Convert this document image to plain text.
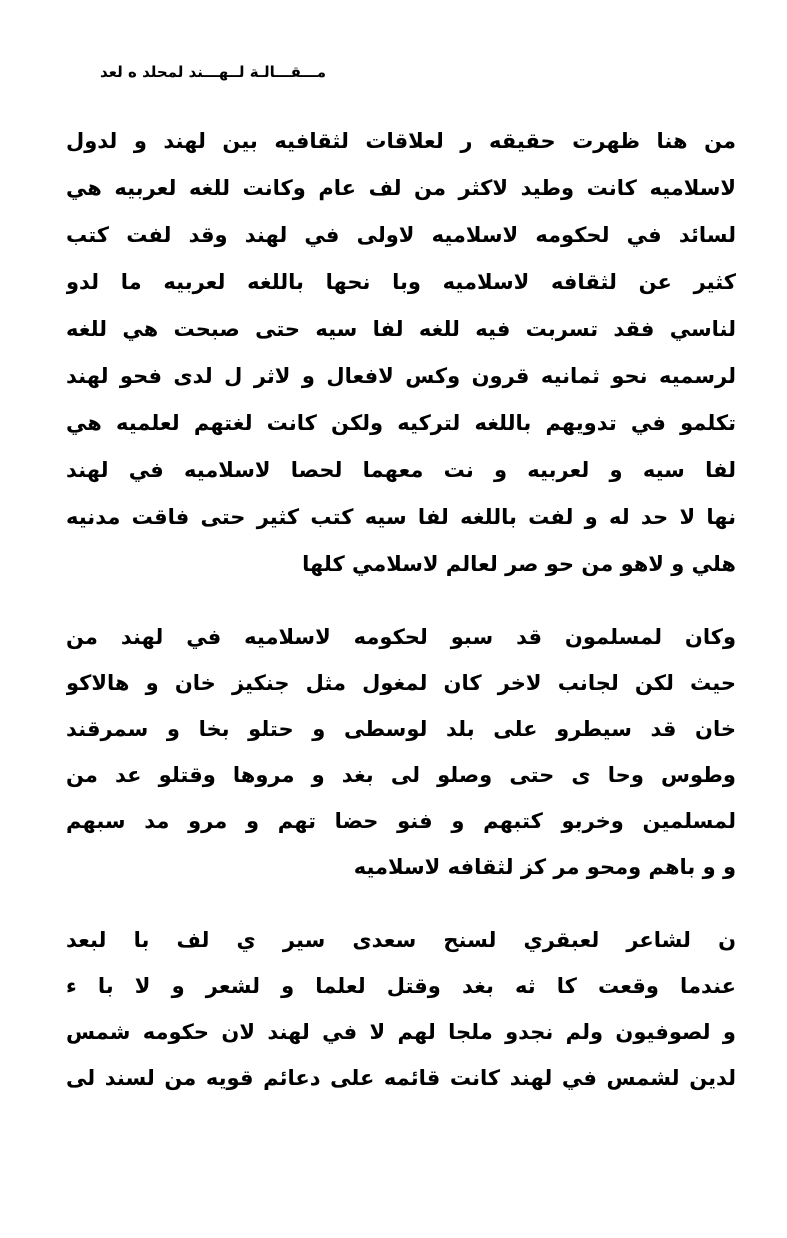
مـــقـــالـة لــهـــند لمحلد ه لعد
من هنا ظهرت حقيقه ر لعلاقات لثقافيه بين لهند و لدول
لاسلاميه كانت وطيد لاكثر من لف عام وكانت للغه لعربيه هي
لسائد في لحكومه لاسلاميه لاولى في لهند وقد لفت كتب
كثير عن لثقافه لاسلاميه وبا نحها باللغه لعربيه ما لدو
لناسي فقد تسربت فيه للغه لفا سيه حتى صبحت هي للغه
لرسميه نحو ثمانيه قرون وكس لافعال و لاثر ل لدى فحو لهند
تكلمو في تدويهم باللغه لتركيه ولكن كانت لغتهم لعلميه هي
لفا سيه و لعربيه و نت معهما لحصا لاسلاميه في لهند
نها لا حد له و لفت باللغه لفا سيه كتب كثير حتى فاقت مدنيه
هلي و لاهو من حو صر لعالم لاسلامي كلها
وكان لمسلمون قد سبو لحكومه لاسلاميه في لهند من
حيث لكن لجانب لاخر كان لمغول مثل جنكيز خان و هالاكو
خان قد سيطرو على بلد لوسطى و حتلو بخا و سمرقند
وطوس وحا ى حتى وصلو لى بغد و مروها وقتلو عد من
لمسلمين وخربو كتبهم و فنو حضا تهم و مرو مد سبهم
و و باهم ومحو مر كز لثقافه لاسلاميه
ن لشاعر لعبقري لسنح سعدى سير ي لف با لبعد
عندما وقعت كا ثه بغد وقتل لعلما و لشعر و لا با ء
و لصوفيون ولم نجدو ملجا لهم لا في لهند لان حكومه شمس
لدين لشمس في لهند كانت قائمه على دعائم قويه من لسند لى
